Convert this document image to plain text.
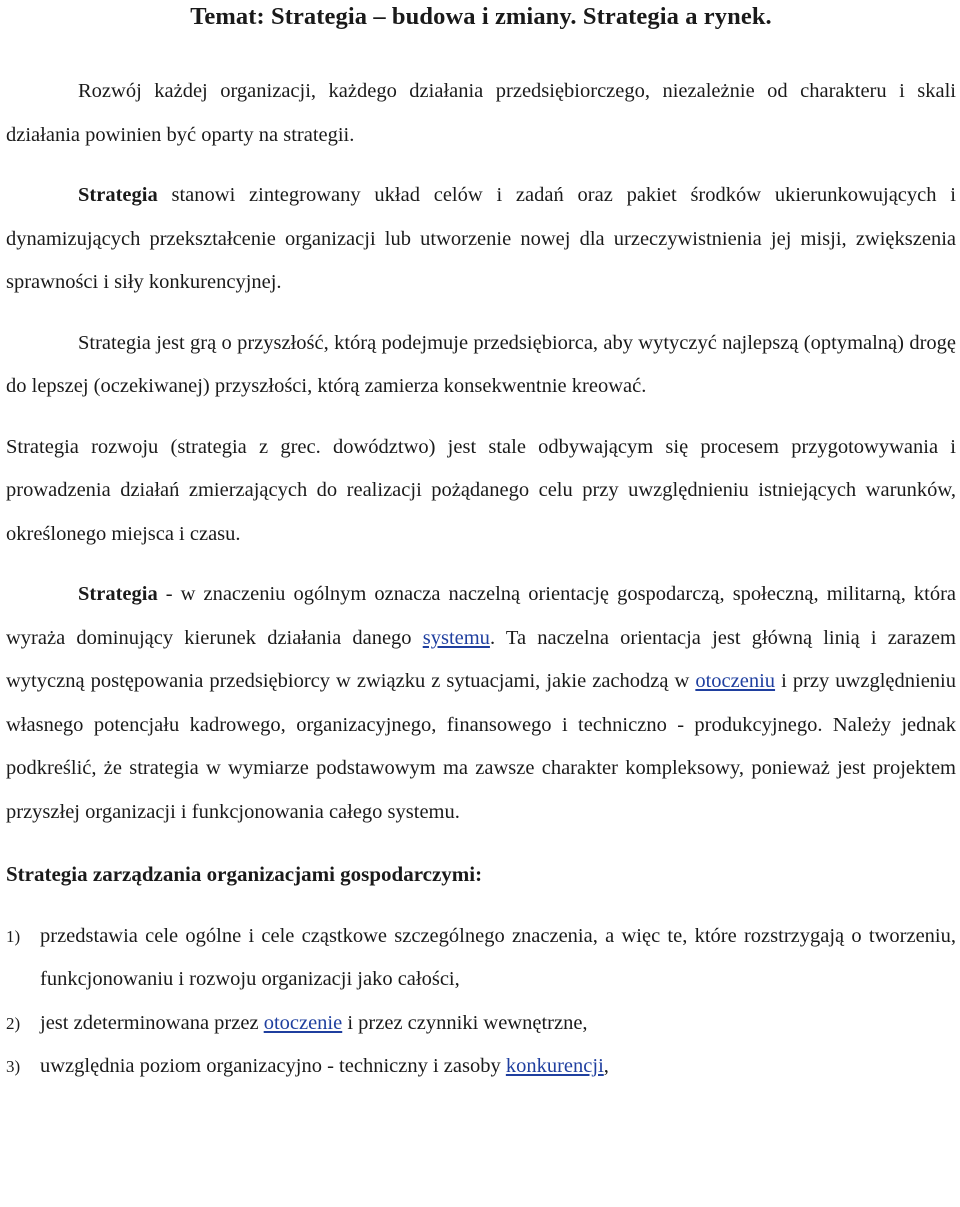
Temat: Strategia – budowa i zmiany. Strategia a rynek.

Rozwój każdej organizacji, każdego działania przedsiębiorczego, niezależnie od charakteru i skali działania powinien być oparty na strategii.

Strategia stanowi zintegrowany układ celów i zadań oraz pakiet środków ukierunkowujących i dynamizujących przekształcenie organizacji lub utworzenie nowej dla urzeczywistnienia jej misji, zwiększenia sprawności i siły konkurencyjnej.

Strategia jest grą o przyszłość, którą podejmuje przedsiębiorca, aby wytyczyć najlepszą (optymalną) drogę do lepszej (oczekiwanej) przyszłości, którą zamierza konsekwentnie kreować.

Strategia rozwoju (strategia z grec. dowództwo) jest stale odbywającym się procesem przygotowywania i prowadzenia działań zmierzających do realizacji pożądanego celu przy uwzględnieniu istniejących warunków, określonego miejsca i czasu.

Strategia - w znaczeniu ogólnym oznacza naczelną orientację gospodarczą, społeczną, militarną, która wyraża dominujący kierunek działania danego systemu. Ta naczelna orientacja jest główną linią i zarazem wytyczną postępowania przedsiębiorcy w związku z sytuacjami, jakie zachodzą w otoczeniu i przy uwzględnieniu własnego potencjału kadrowego, organizacyjnego, finansowego i techniczno - produkcyjnego. Należy jednak podkreślić, że strategia w wymiarze podstawowym ma zawsze charakter kompleksowy, ponieważ jest projektem przyszłej organizacji i funkcjonowania całego systemu.

Strategia zarządzania organizacjami gospodarczymi:
1) przedstawia cele ogólne i cele cząstkowe szczególnego znaczenia, a więc te, które rozstrzygają o tworzeniu, funkcjonowaniu i rozwoju organizacji jako całości,
2) jest zdeterminowana przez otoczenie i przez czynniki wewnętrzne,
3) uwzględnia poziom organizacyjno - techniczny i zasoby konkurencji,
